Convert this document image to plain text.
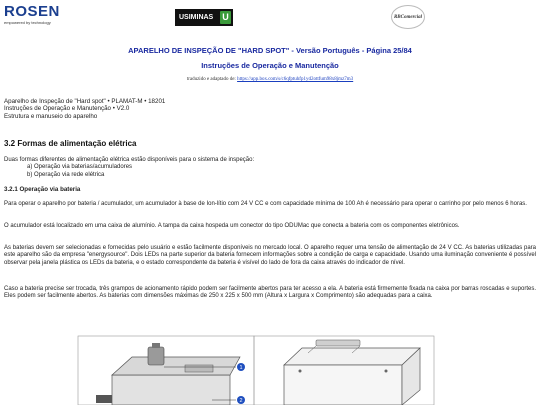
ROSEN
empowered by technology
USIMINAS U	RBComercial
APARELHO DE INSPEÇÃO DE "HARD SPOT" - Versão Português - Página 25/84
Instruções de Operação e Manutenção
traduzido e adaptado de: https://app.box.com/s/c6qfptuhfp1yd2ottfum98x8jmz7m3
Aparelho de Inspeção de "Hard spot" • PLAMAT-M • 18201
Instruções de Operação e Manutenção • V2.0
Estrutura e manuseio do aparelho
3.2 Formas de alimentação elétrica
Duas formas diferentes de alimentação elétrica estão disponíveis para o sistema de inspeção:
a) Operação via baterias/acumuladores
b) Operação via rede elétrica
3.2.1 Operação via bateria
Para operar o aparelho por bateria / acumulador, um acumulador à base de Ion-lítio com 24 V CC e com capacidade mínima de 100 Ah é necessário para operar o carrinho por pelo menos 6 horas.
O acumulador está localizado em uma caixa de alumínio. A tampa da caixa hospeda um conector do tipo ODUMac que conecta a bateria com os componentes eletrônicos.
As baterias devem ser selecionadas e fornecidas pelo usuário e estão facilmente disponíveis no mercado local. O aparelho requer uma tensão de alimentação de 24 V CC. As baterias utilizadas para este aparelho são da empresa "energysource". Dois LEDs na parte superior da bateria fornecem informações sobre a condição de carga e capacidade. Usando uma iluminação conveniente é possível observar pela janela plástica os LEDs da bateria, e o estado correspondente da bateria é visível do lado de fora da caixa através do indicador de nível.
Caso a bateria precise ser trocada, três grampos de acionamento rápido podem ser facilmente abertos para ter acesso a ela. A bateria está firmemente fixada na caixa por barras roscadas e suportes. Eles podem ser facilmente abertos. As baterias com dimensões máximas de 250 x 225 x 500 mm (Altura x Largura x Comprimento) são adequadas para a caixa.
1
2
